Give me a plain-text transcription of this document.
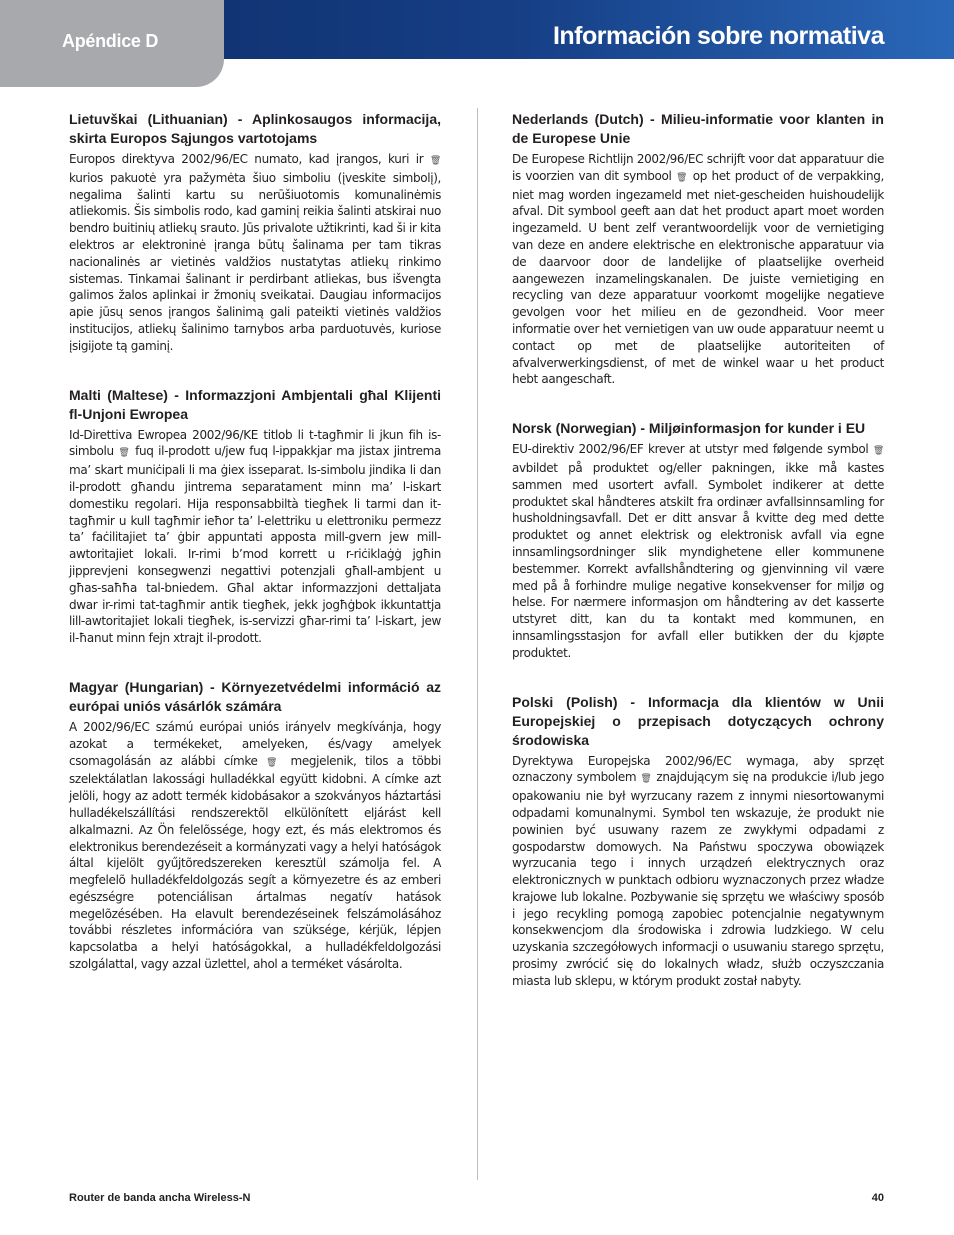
Información sobre normativa
Apéndice D
Lietuvškai (Lithuanian) - Aplinkosaugos informacija, skirta Europos Sąjungos vartotojams

Europos direktyva 2002/96/EC numato, kad įrangos, kuri ir 🗑︎ kurios pakuotė yra pažymėta šiuo simboliu (įveskite simbolį), negalima šalinti kartu su nerūšiuotomis komunalinėmis atliekomis. Šis simbolis rodo, kad gaminį reikia šalinti atskirai nuo bendro buitinių atliekų srauto. Jūs privalote užtikrinti, kad ši ir kita elektros ar elektroninė įranga būtų šalinama per tam tikras nacionalinės ar vietinės valdžios nustatytas atliekų rinkimo sistemas. Tinkamai šalinant ir perdirbant atliekas, bus išvengta galimos žalos aplinkai ir žmonių sveikatai. Daugiau informacijos apie jūsų senos įrangos šalinimą gali pateikti vietinės valdžios institucijos, atliekų šalinimo tarnybos arba parduotuvės, kuriose įsigijote tą gaminį.

Malti (Maltese) - Informazzjoni Ambjentali għal Klijenti fl-Unjoni Ewropea

Id-Direttiva Ewropea 2002/96/KE titlob li t-tagħmir li jkun fih is-simbolu 🗑︎ fuq il-prodott u/jew fuq l-ippakkjar ma jistax jintrema ma’ skart muniċipali li ma ġiex isseparat. Is-simbolu jindika li dan il-prodott għandu jintrema separatament minn ma’ l-iskart domestiku regolari. Hija responsabbiltà tiegħek li tarmi dan it-tagħmir u kull tagħmir ieħor ta’ l-elettriku u elettroniku permezz ta’ faċilitajiet ta’ ġbir appuntati apposta mill-gvern jew mill-awtoritajiet lokali. Ir-rimi b’mod korrett u r-riċiklaġġ jgħin jipprevjeni konsegwenzi negattivi potenzjali għall-ambjent u għas-saħħa tal-bniedem. Għal aktar informazzjoni dettaljata dwar ir-rimi tat-tagħmir antik tiegħek, jekk jogħġbok ikkuntattja lill-awtoritajiet lokali tiegħek, is-servizzi għar-rimi ta’ l-iskart, jew il-ħanut minn fejn xtrajt il-prodott.

Magyar (Hungarian) - Környezetvédelmi információ az európai uniós vásárlók számára

A 2002/96/EC számú európai uniós irányelv megkívánja, hogy azokat a termékeket, amelyeken, és/vagy amelyek csomagolásán az alábbi címke 🗑︎ megjelenik, tilos a többi szelektálatlan lakossági hulladékkal együtt kidobni. A címke azt jelöli, hogy az adott termék kidobásakor a szokványos háztartási hulladékelszállítási rendszerektõl elkülönített eljárást kell alkalmazni. Az Ön felelõssége, hogy ezt, és más elektromos és elektronikus berendezéseit a kormányzati vagy a helyi hatóságok által kijelölt gyűjtõredszereken keresztül számolja fel. A megfelelõ hulladékfeldolgozás segít a környezetre és az emberi egészségre potenciálisan ártalmas negatív hatások megelõzésében. Ha elavult berendezéseinek felszámolásához további részletes információra van szüksége, kérjük, lépjen kapcsolatba a helyi hatóságokkal, a hulladékfeldolgozási szolgálattal, vagy azzal üzlettel, ahol a terméket vásárolta.

Nederlands (Dutch) - Milieu-informatie voor klanten in de Europese Unie

De Europese Richtlijn 2002/96/EC schrijft voor dat apparatuur die is voorzien van dit symbool 🗑︎ op het product of de verpakking, niet mag worden ingezameld met niet-gescheiden huishoudelijk afval. Dit symbool geeft aan dat het product apart moet worden ingezameld. U bent zelf verantwoordelijk voor de vernietiging van deze en andere elektrische en elektronische apparatuur via de daarvoor door de landelijke of plaatselijke overheid aangewezen inzamelingskanalen. De juiste vernietiging en recycling van deze apparatuur voorkomt mogelijke negatieve gevolgen voor het milieu en de gezondheid. Voor meer informatie over het vernietigen van uw oude apparatuur neemt u contact op met de plaatselijke autoriteiten of afvalverwerkingsdienst, of met de winkel waar u het product hebt aangeschaft.

Norsk (Norwegian) - Miljøinformasjon for kunder i EU

EU-direktiv 2002/96/EF krever at utstyr med følgende symbol 🗑︎ avbildet på produktet og/eller pakningen, ikke må kastes sammen med usortert avfall. Symbolet indikerer at dette produktet skal håndteres atskilt fra ordinær avfallsinnsamling for husholdningsavfall. Det er ditt ansvar å kvitte deg med dette produktet og annet elektrisk og elektronisk avfall via egne innsamlingsordninger slik myndighetene eller kommunene bestemmer. Korrekt avfallshåndtering og gjenvinning vil være med på å forhindre mulige negative konsekvenser for miljø og helse. For nærmere informasjon om håndtering av det kasserte utstyret ditt, kan du ta kontakt med kommunen, en innsamlingsstasjon for avfall eller butikken der du kjøpte produktet.

Polski (Polish) - Informacja dla klientów w Unii Europejskiej o przepisach dotyczących ochrony środowiska

Dyrektywa Europejska 2002/96/EC wymaga, aby sprzęt oznaczony symbolem 🗑︎ znajdującym się na produkcie i/lub jego opakowaniu nie był wyrzucany razem z innymi niesortowanymi odpadami komunalnymi. Symbol ten wskazuje, że produkt nie powinien być usuwany razem ze zwykłymi odpadami z gospodarstw domowych. Na Państwu spoczywa obowiązek wyrzucania tego i innych urządzeń elektrycznych oraz elektronicznych w punktach odbioru wyznaczonych przez władze krajowe lub lokalne. Pozbywanie się sprzętu we właściwy sposób i jego recykling pomogą zapobiec potencjalnie negatywnym konsekwencjom dla środowiska i zdrowia ludzkiego. W celu uzyskania szczegółowych informacji o usuwaniu starego sprzętu, prosimy zwrócić się do lokalnych władz, służb oczyszczania miasta lub sklepu, w którym produkt został nabyty.

Router de banda ancha Wireless-N	40
